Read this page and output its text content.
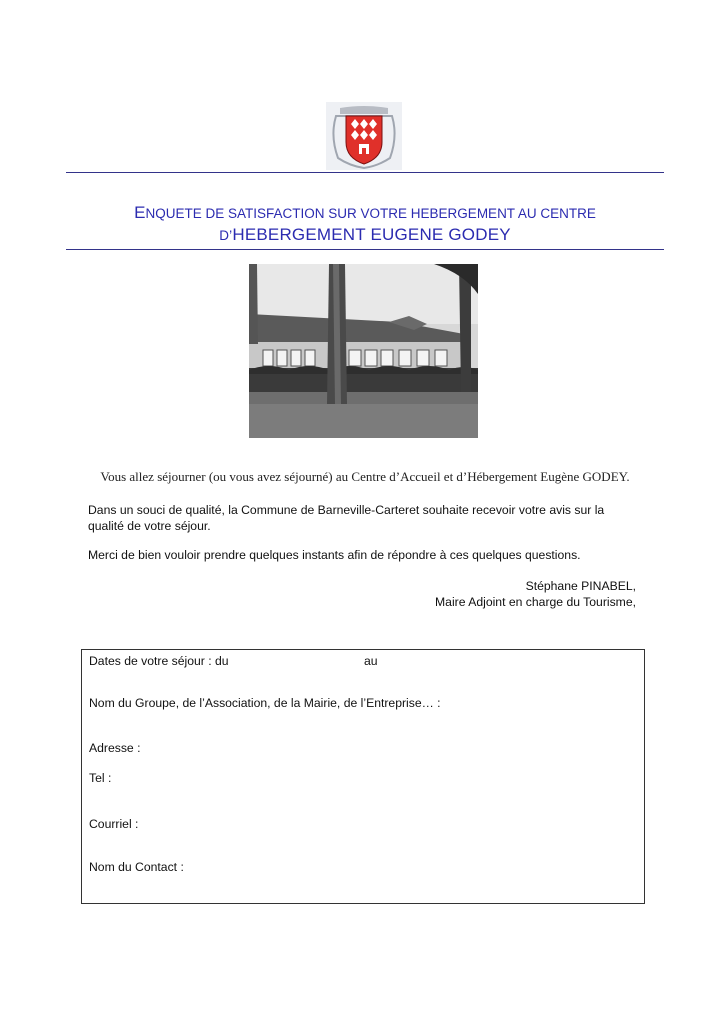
ENQUETE DE SATISFACTION SUR VOTRE HEBERGEMENT AU CENTRE

D’HEBERGEMENT EUGENE GODEY

Vous allez séjourner (ou vous avez séjourné) au Centre d’Accueil et d’Hébergement Eugène GODEY.

Dans un souci de qualité, la Commune de Barneville-Carteret souhaite recevoir votre avis sur la qualité de votre séjour.

Merci de bien vouloir prendre quelques instants afin de répondre à ces quelques questions.

Stéphane PINABEL,

Maire Adjoint en charge du Tourisme,

Dates de votre séjour : du	au

Nom du Groupe, de l’Association, de la Mairie, de l’Entreprise… :

Adresse :

Tel :

Courriel :

Nom du Contact :
